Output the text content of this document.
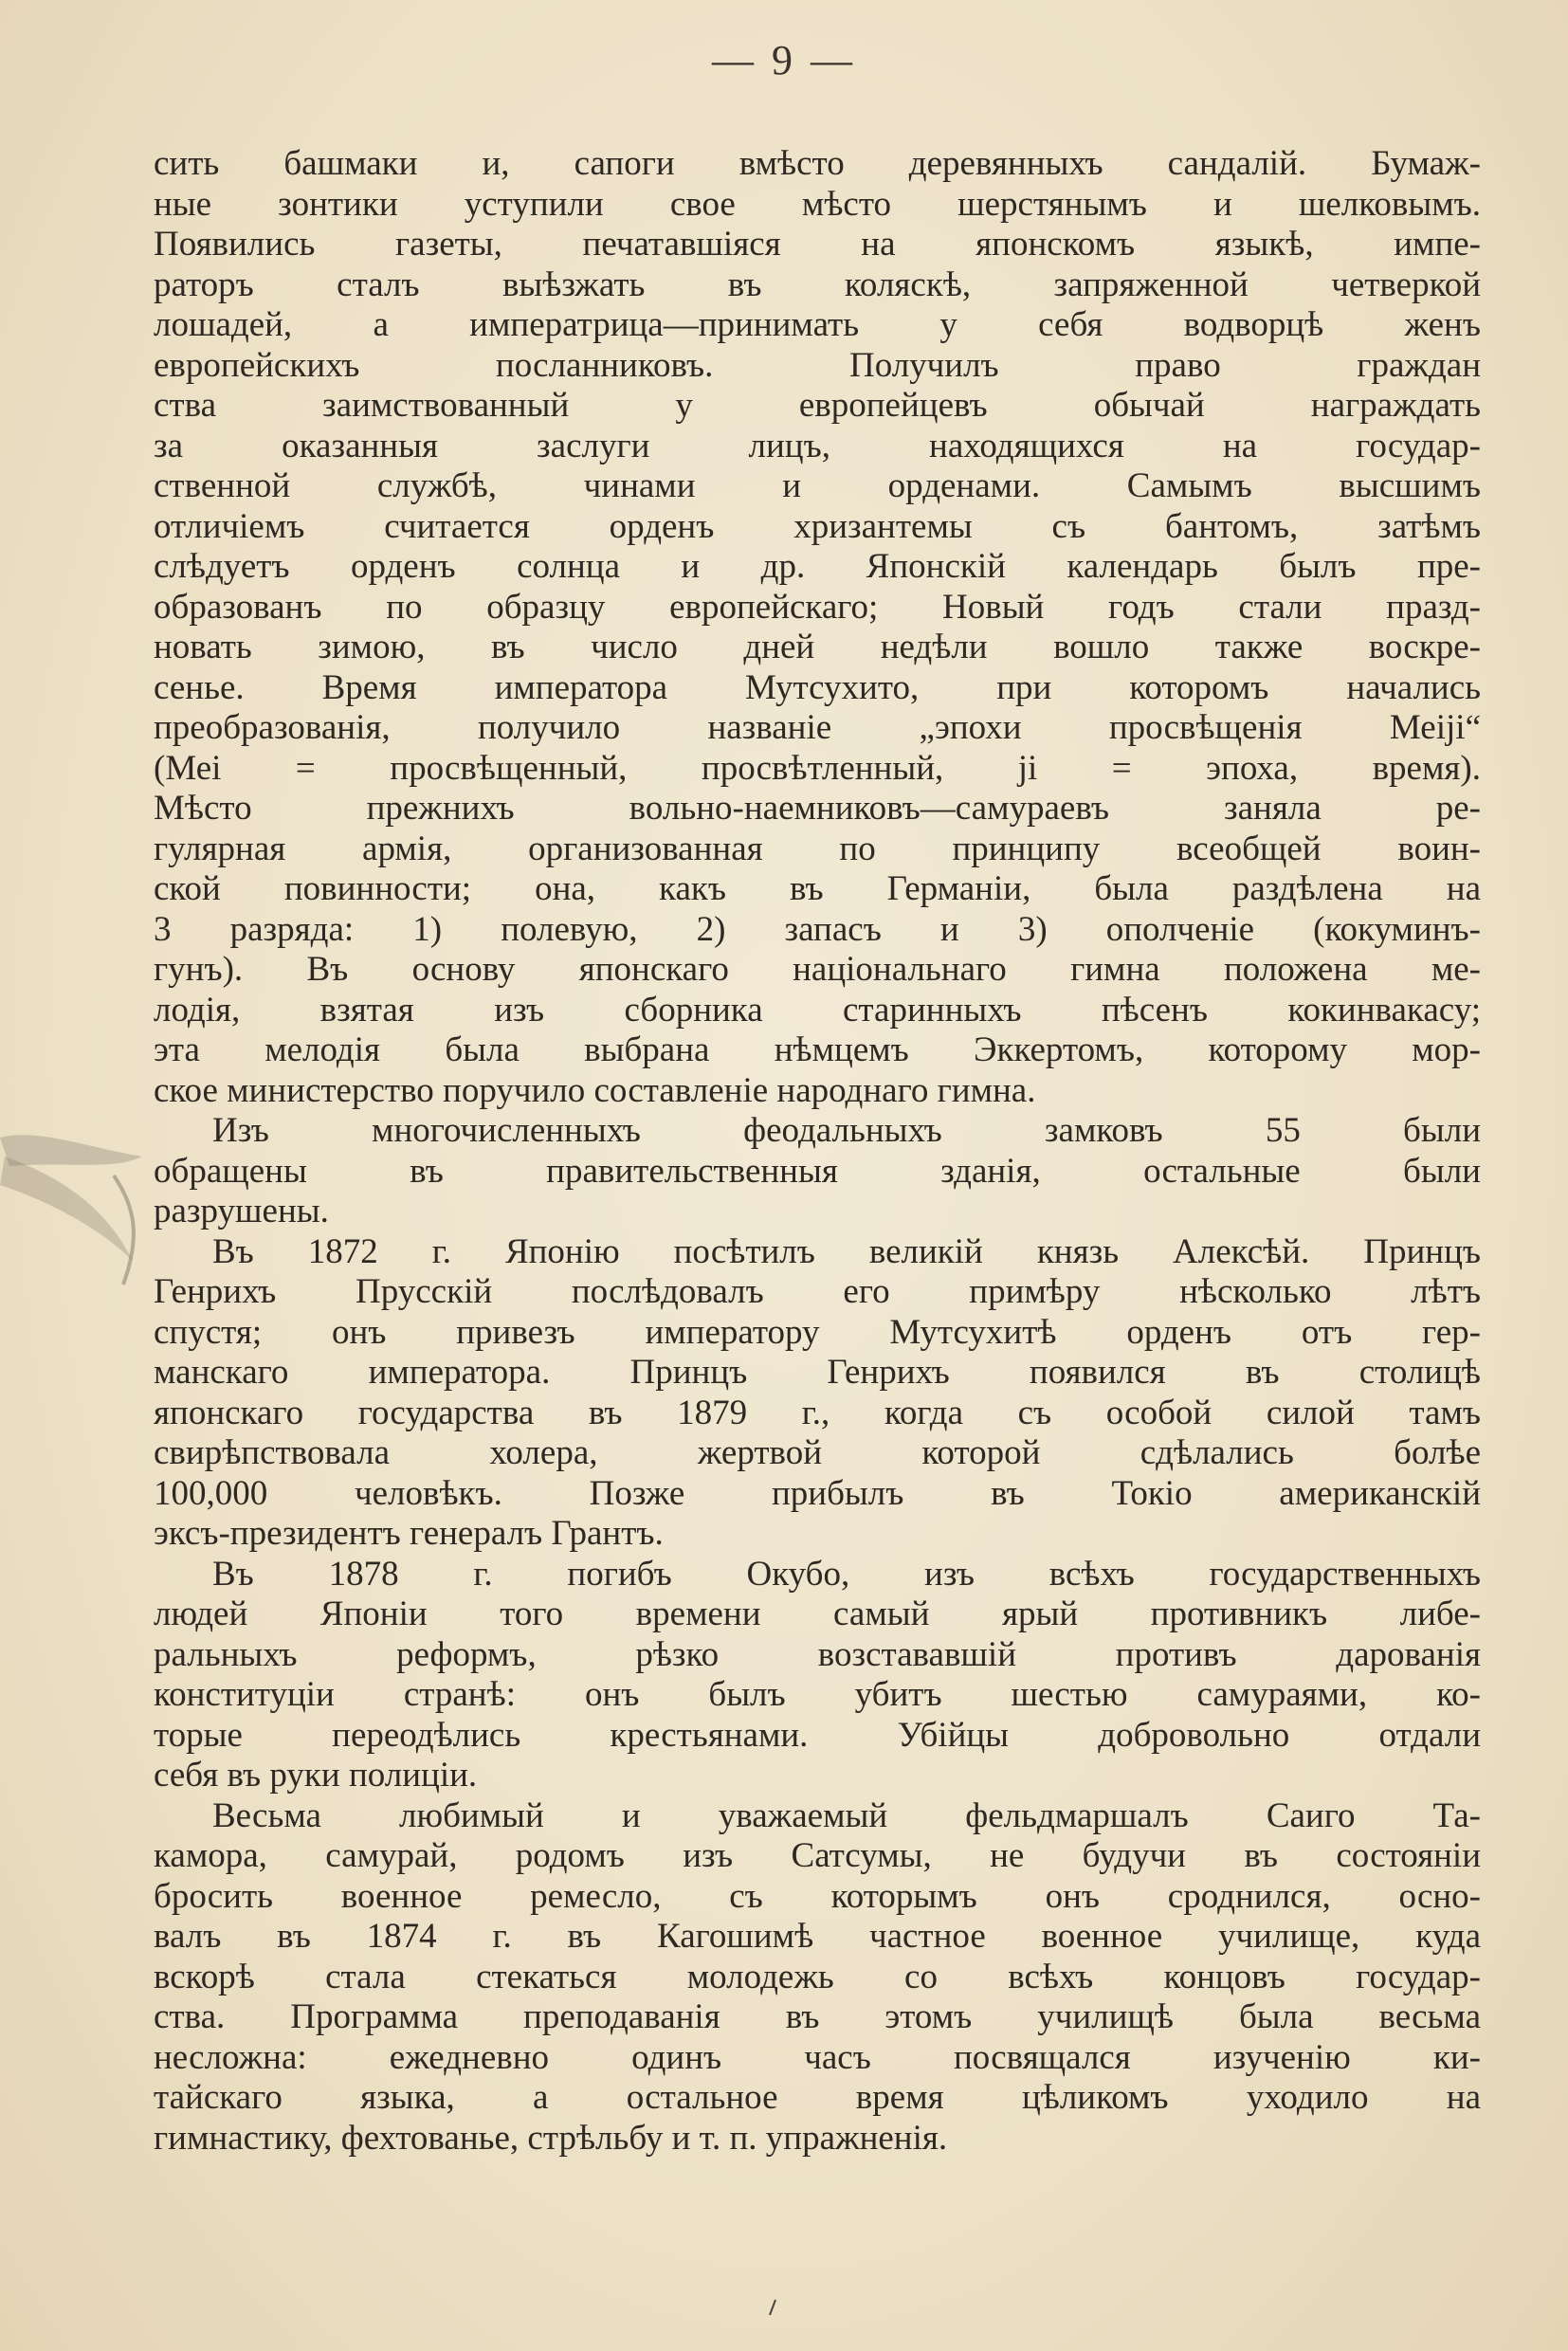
— 9 —
сить башмаки и, сапоги вмѣсто деревянныхъ сандалій. Бумаж-
ные зонтики уступили свое мѣсто шерстянымъ и шелковымъ.
Появились газеты, печатавшіяся на японскомъ языкѣ, импе-
раторъ сталъ выѣзжать въ коляскѣ, запряженной четверкой
лошадей, а императрица—принимать у себя водворцѣ женъ
европейскихъ посланниковъ. Получилъ право граждан
ства заимствованный у европейцевъ обычай награждать
за оказанныя заслуги лицъ, находящихся на государ-
ственной службѣ, чинами и орденами. Самымъ высшимъ
отличіемъ считается орденъ хризантемы съ бантомъ, затѣмъ
слѣдуетъ орденъ солнца и др. Японскій календарь былъ пре-
образованъ по образцу европейскаго; Новый годъ стали празд-
новать зимою, въ число дней недѣли вошло также воскре-
сенье. Время императора Мутсухито, при которомъ начались
преобразованія, получило названіе „эпохи просвѣщенія Меіjі“
(Меі = просвѣщенный, просвѣтленный, jі = эпоха, время).
Мѣсто прежнихъ вольно-наемниковъ—самураевъ заняла ре-
гулярная армія, организованная по принципу всеобщей воин-
ской повинности; она, какъ въ Германіи, была раздѣлена на
3 разряда: 1) полевую, 2) запасъ и 3) ополченіе (кокуминъ-
гунъ). Въ основу японскаго національнаго гимна положена ме-
лодія, взятая изъ сборника старинныхъ пѣсенъ кокинвакасу;
эта мелодія была выбрана нѣмцемъ Эккертомъ, которому мор-
ское министерство поручило составленіе народнаго гимна.
Изъ многочисленныхъ феодальныхъ замковъ 55 были
обращены въ правительственныя зданія, остальные были
разрушены.
Въ 1872 г. Японію посѣтилъ великій князь Алексѣй. Принцъ
Генрихъ Прусскій послѣдовалъ его примѣру нѣсколько лѣтъ
спустя; онъ привезъ императору Мутсухитѣ орденъ отъ гер-
манскаго императора. Принцъ Генрихъ появился въ столицѣ
японскаго государства въ 1879 г., когда съ особой силой тамъ
свирѣпствовала холера, жертвой которой сдѣлались болѣе
100,000 человѣкъ. Позже прибылъ въ Токіо американскій
эксъ-президентъ генералъ Грантъ.
Въ 1878 г. погибъ Окубо, изъ всѣхъ государственныхъ
людей Японіи того времени самый ярый противникъ либе-
ральныхъ реформъ, рѣзко возстававшій противъ дарованія
конституціи странѣ: онъ былъ убитъ шестью самураями, ко-
торые переодѣлись крестьянами. Убійцы добровольно отдали
себя въ руки полиціи.
Весьма любимый и уважаемый фельдмаршалъ Саиго Та-
камора, самурай, родомъ изъ Сатсумы, не будучи въ состояніи
бросить военное ремесло, съ которымъ онъ сроднился, осно-
валъ въ 1874 г. въ Кагошимѣ частное военное училище, куда
вскорѣ стала стекаться молодежь со всѣхъ концовъ государ-
ства. Программа преподаванія въ этомъ училищѣ была весьма
несложна: ежедневно одинъ часъ посвящался изученію ки-
тайскаго языка, а остальное время цѣликомъ уходило на
гимнастику, фехтованье, стрѣльбу и т. п. упражненія.
